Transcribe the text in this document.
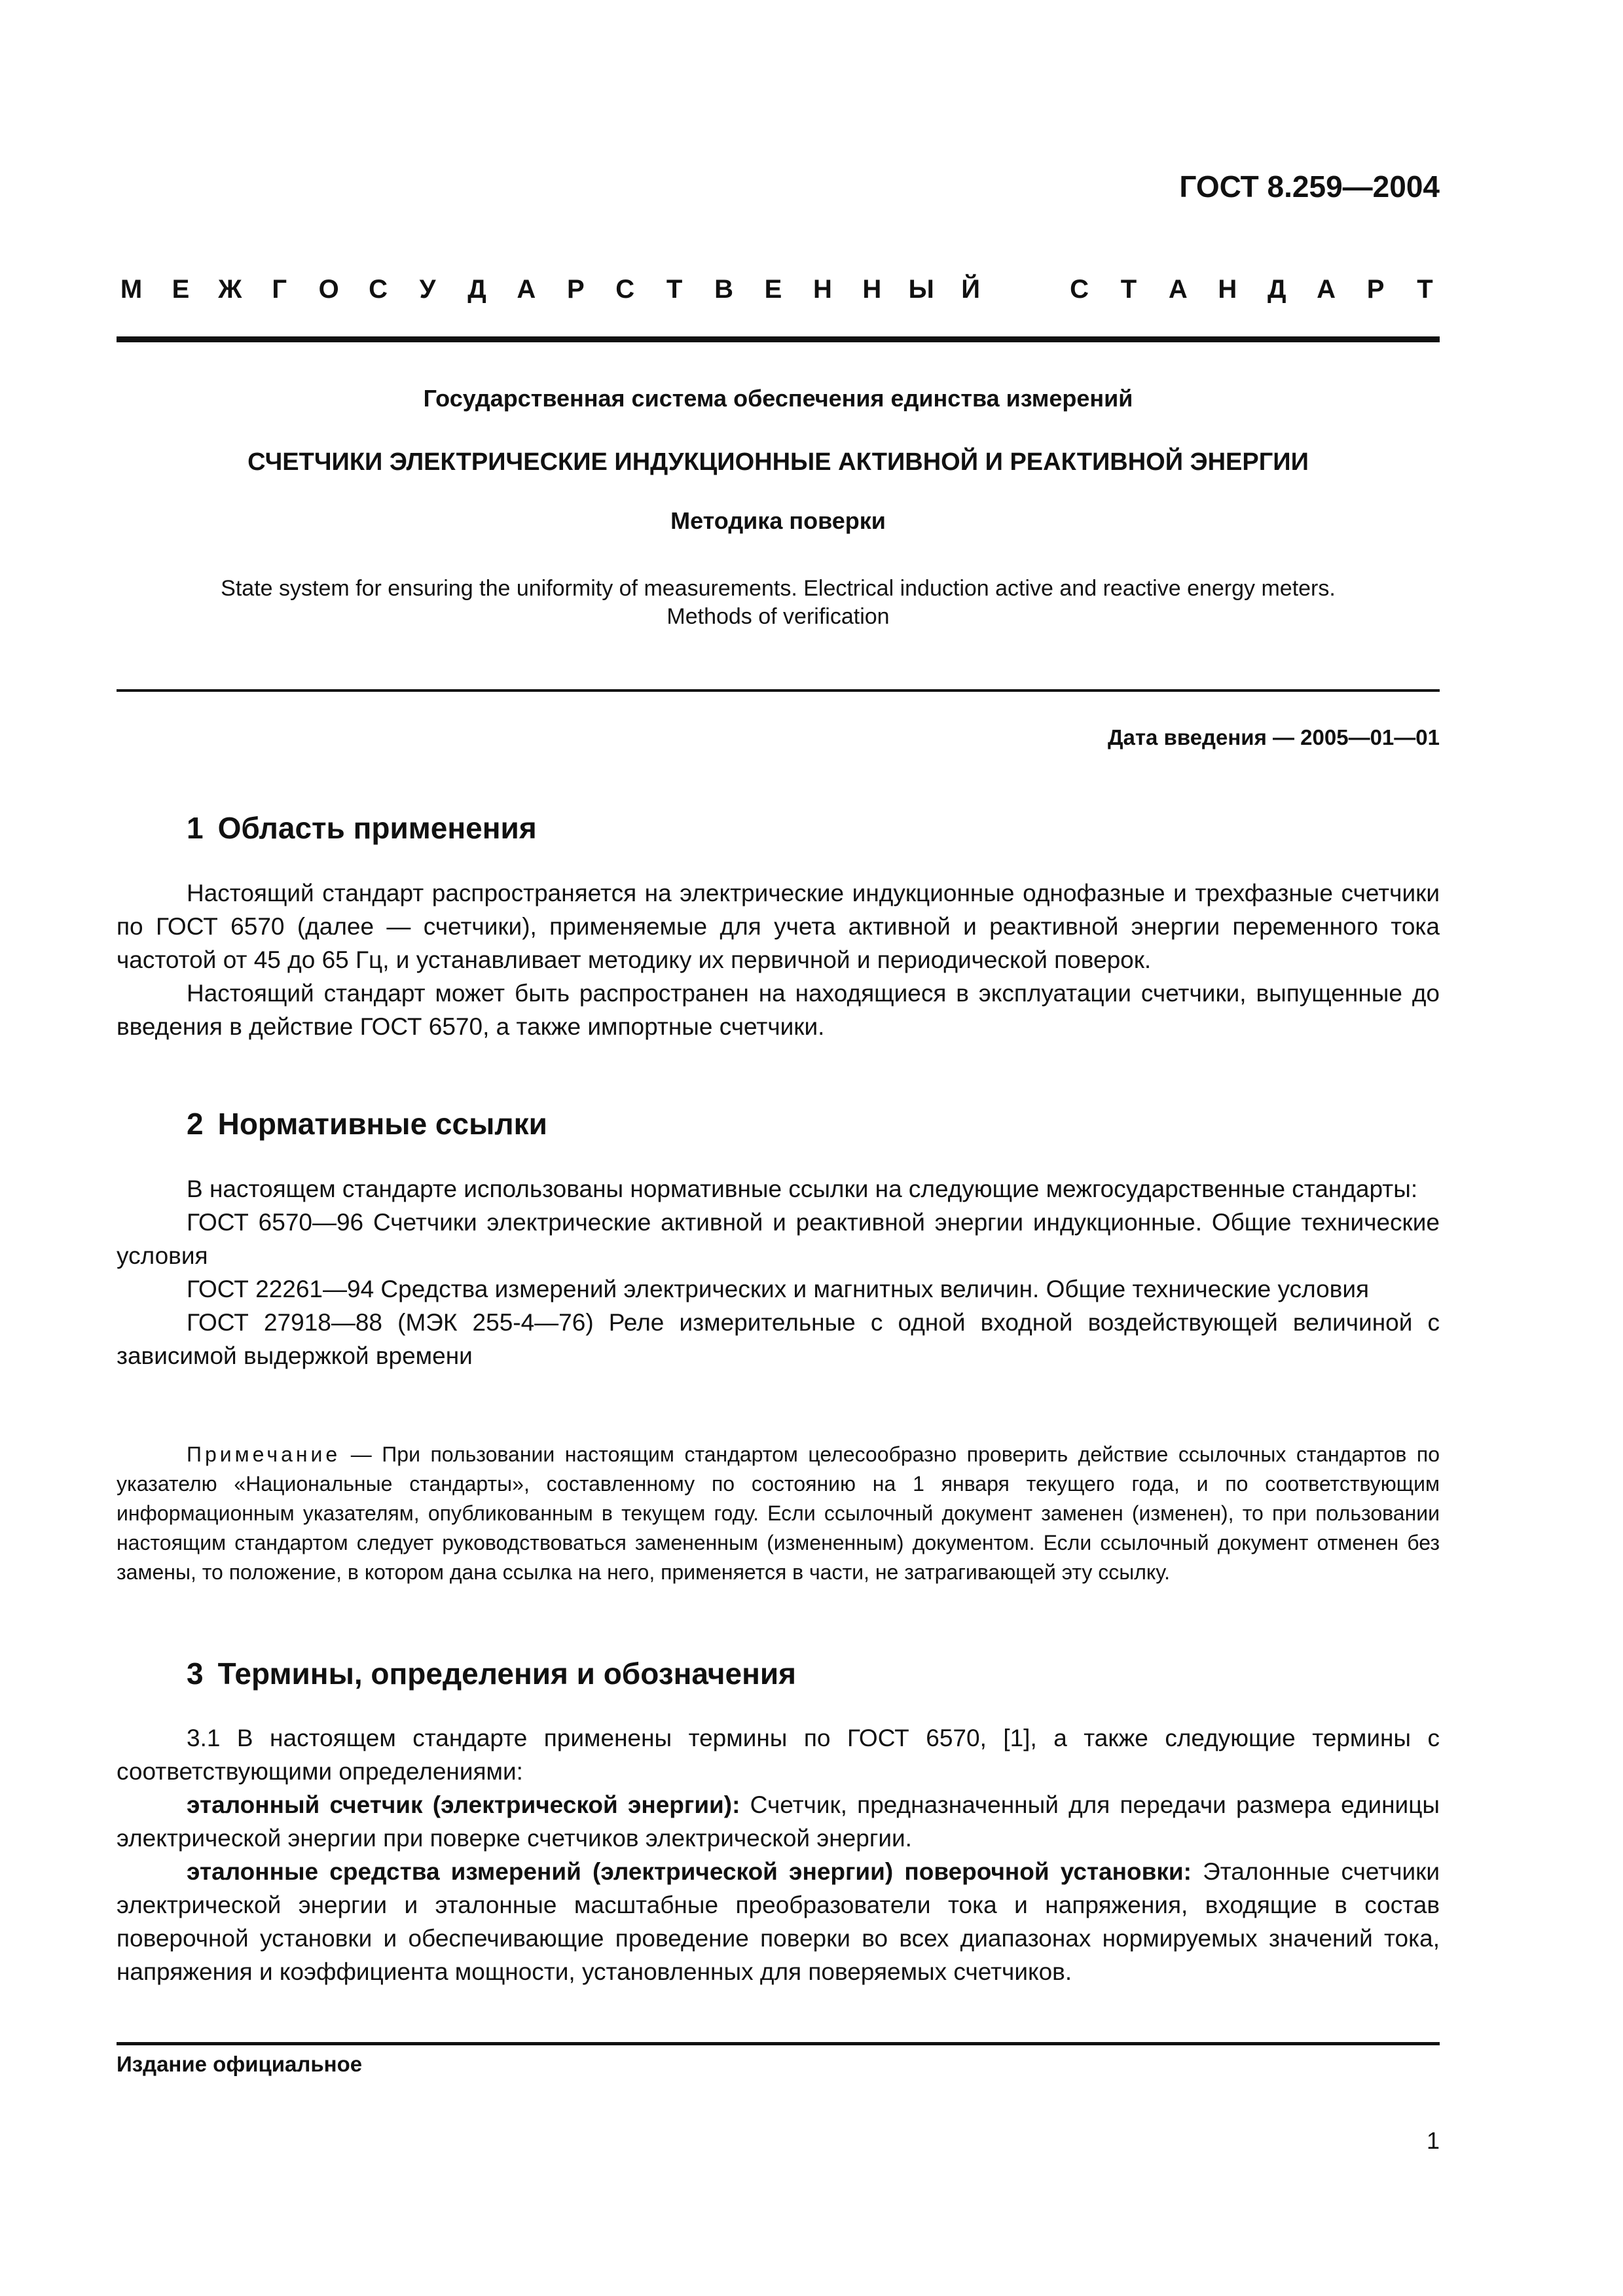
ГОСТ 8.259—2004
М Е Ж Г О С У Д А Р С Т В Е Н Н Ы Й	С Т А Н Д А Р Т
Государственная система обеспечения единства измерений
СЧЕТЧИКИ ЭЛЕКТРИЧЕСКИЕ ИНДУКЦИОННЫЕ АКТИВНОЙ И РЕАКТИВНОЙ ЭНЕРГИИ
Методика поверки
State system for ensuring the uniformity of measurements. Electrical induction active and reactive energy meters.
Methods of verification
Дата введения — 2005—01—01
1 Область применения

Настоящий стандарт распространяется на электрические индукционные однофазные и трехфазные счетчики по ГОСТ 6570 (далее — счетчики), применяемые для учета активной и реактивной энергии переменного тока частотой от 45 до 65 Гц, и устанавливает методику их первичной и периодической поверок.

Настоящий стандарт может быть распространен на находящиеся в эксплуатации счетчики, выпущенные до введения в действие ГОСТ 6570, а также импортные счетчики.

2 Нормативные ссылки

В настоящем стандарте использованы нормативные ссылки на следующие межгосударственные стандарты:

ГОСТ 6570—96 Счетчики электрические активной и реактивной энергии индукционные. Общие технические условия

ГОСТ 22261—94 Средства измерений электрических и магнитных величин. Общие технические условия

ГОСТ 27918—88 (МЭК 255-4—76) Реле измерительные с одной входной воздействующей величиной с зависимой выдержкой времени

Примечание — При пользовании настоящим стандартом целесообразно проверить действие ссылочных стандартов по указателю «Национальные стандарты», составленному по состоянию на 1 января текущего года, и по соответствующим информационным указателям, опубликованным в текущем году. Если ссылочный документ заменен (изменен), то при пользовании настоящим стандартом следует руководствоваться замененным (измененным) документом. Если ссылочный документ отменен без замены, то положение, в котором дана ссылка на него, применяется в части, не затрагивающей эту ссылку.

3 Термины, определения и обозначения

3.1 В настоящем стандарте применены термины по ГОСТ 6570, [1], а также следующие термины с соответствующими определениями:

эталонный счетчик (электрической энергии): Счетчик, предназначенный для передачи размера единицы электрической энергии при поверке счетчиков электрической энергии.

эталонные средства измерений (электрической энергии) поверочной установки: Эталонные счетчики электрической энергии и эталонные масштабные преобразователи тока и напряжения, входящие в состав поверочной установки и обеспечивающие проведение поверки во всех диапазонах нормируемых значений тока, напряжения и коэффициента мощности, установленных для поверяемых счетчиков.

Издание официальное
1
